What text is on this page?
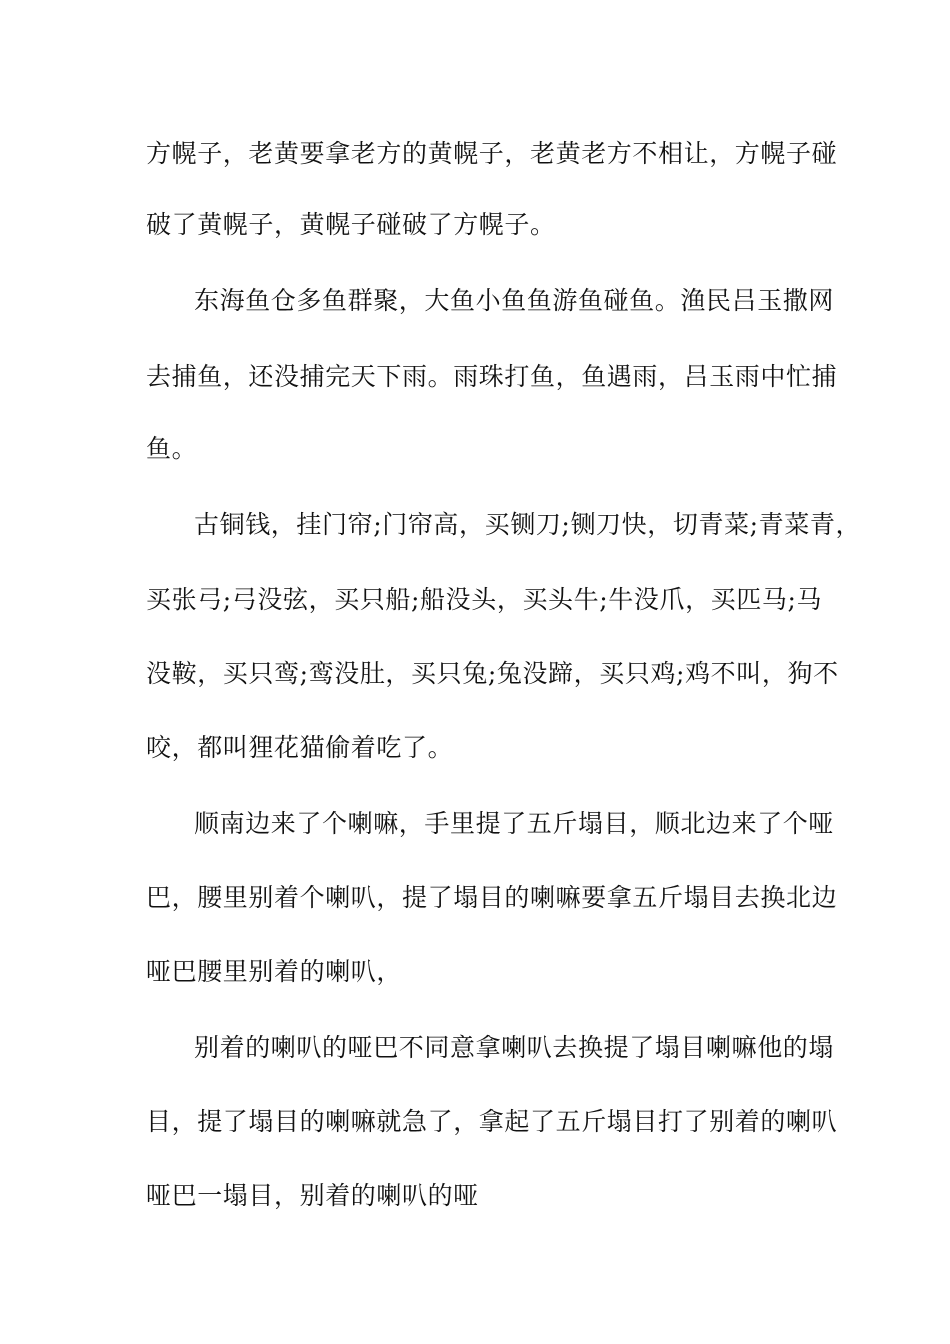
方幌子，老黄要拿老方的黄幌子，老黄老方不相让，方幌子碰
破了黄幌子，黄幌子碰破了方幌子。
东海鱼仓多鱼群聚，大鱼小鱼鱼游鱼碰鱼。渔民吕玉撒网
去捕鱼，还没捕完天下雨。雨珠打鱼，鱼遇雨，吕玉雨中忙捕
鱼。
古铜钱，挂门帘;门帘高，买铡刀;铡刀快，切青菜;青菜青，
买张弓;弓没弦，买只船;船没头，买头牛;牛没爪，买匹马;马
没鞍，买只鸾;鸾没肚，买只兔;兔没蹄，买只鸡;鸡不叫，狗不
咬，都叫狸花猫偷着吃了。
顺南边来了个喇嘛，手里提了五斤塌目，顺北边来了个哑
巴，腰里别着个喇叭，提了塌目的喇嘛要拿五斤塌目去换北边
哑巴腰里别着的喇叭，
别着的喇叭的哑巴不同意拿喇叭去换提了塌目喇嘛他的塌
目，提了塌目的喇嘛就急了，拿起了五斤塌目打了别着的喇叭
哑巴一塌目，别着的喇叭的哑
